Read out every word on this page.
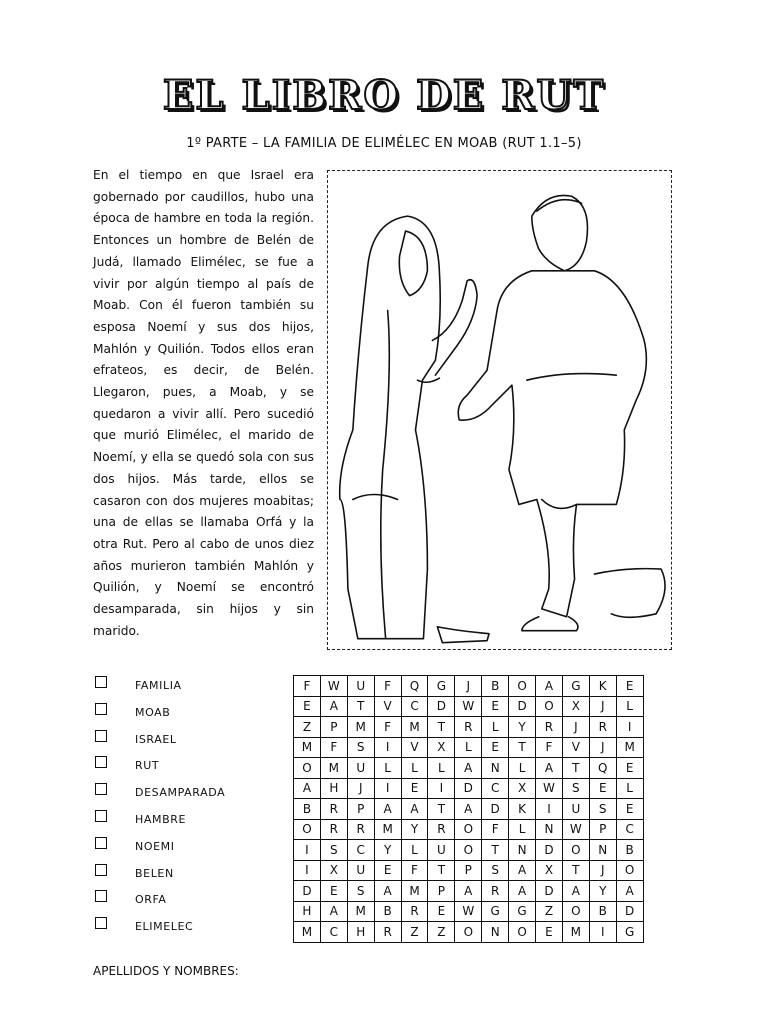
EL LIBRO DE RUT
1º PARTE – LA FAMILIA DE ELIMÉLEC EN MOAB (RUT 1.1–5)

En el tiempo en que Israel era gobernado por caudillos, hubo una época de hambre en toda la región. Entonces un hombre de Belén de Judá, llamado Elimélec, se fue a vivir por algún tiempo al país de Moab. Con él fueron también su esposa Noemí y sus dos hijos, Mahlón y Quilión. Todos ellos eran efrateos, es decir, de Belén. Llegaron, pues, a Moab, y se quedaron a vivir allí. Pero sucedió que murió Elimélec, el marido de Noemí, y ella se quedó sola con sus dos hijos. Más tarde, ellos se casaron con dos mujeres moabitas; una de ellas se llamaba Orfá y la otra Rut. Pero al cabo de unos diez años murieron también Mahlón y Quilión, y Noemí se encontró desamparada, sin hijos y sin marido.

FAMILIA
MOAB
ISRAEL
RUT
DESAMPARADA
HAMBRE
NOEMI
BELEN
ORFA
ELIMELEC
F	W	U	F	Q	G	J	B	O	A	G	K	E
E	A	T	V	C	D	W	E	D	O	X	J	L
Z	P	M	F	M	T	R	L	Y	R	J	R	I
M	F	S	I	V	X	L	E	T	F	V	J	M
O	M	U	L	L	L	A	N	L	A	T	Q	E
A	H	J	I	E	I	D	C	X	W	S	E	L
B	R	P	A	A	T	A	D	K	I	U	S	E
O	R	R	M	Y	R	O	F	L	N	W	P	C
I	S	C	Y	L	U	O	T	N	D	O	N	B
I	X	U	E	F	T	P	S	A	X	T	J	O
D	E	S	A	M	P	A	R	A	D	A	Y	A
H	A	M	B	R	E	W	G	G	Z	O	B	D
M	C	H	R	Z	Z	O	N	O	E	M	I	G
APELLIDOS Y NOMBRES:
